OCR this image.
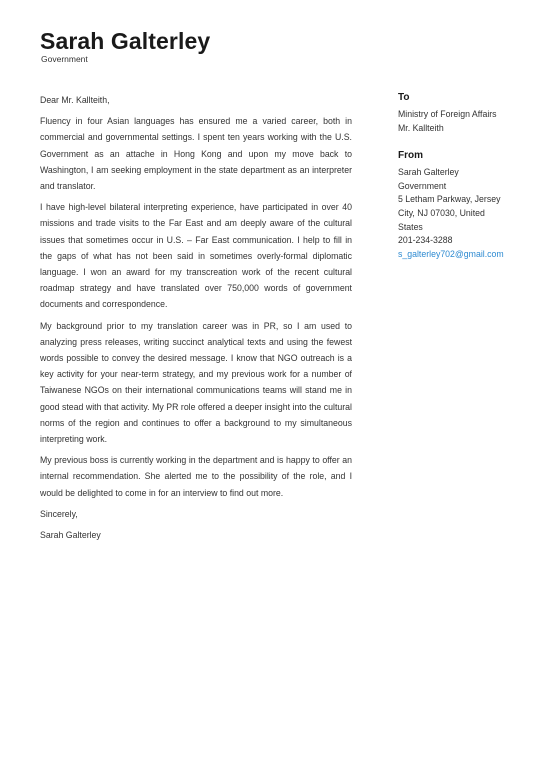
Sarah Galterley
Government

Dear Mr. Kallteith,

Fluency in four Asian languages has ensured me a varied career, both in commercial and governmental settings. I spent ten years working with the U.S. Government as an attache in Hong Kong and upon my move back to Washington, I am seeking employment in the state department as an interpreter and translator.

I have high-level bilateral interpreting experience, have participated in over 40 missions and trade visits to the Far East and am deeply aware of the cultural issues that sometimes occur in U.S. – Far East communication. I help to fill in the gaps of what has not been said in sometimes overly-formal diplomatic language. I won an award for my transcreation work of the recent cultural roadmap strategy and have translated over 750,000 words of government documents and correspondence.

My background prior to my translation career was in PR, so I am used to analyzing press releases, writing succinct analytical texts and using the fewest words possible to convey the desired message. I know that NGO outreach is a key activity for your near-term strategy, and my previous work for a number of Taiwanese NGOs on their international communications teams will stand me in good stead with that activity. My PR role offered a deeper insight into the cultural norms of the region and continues to offer a background to my simultaneous interpreting work.

My previous boss is currently working in the department and is happy to offer an internal recommendation. She alerted me to the possibility of the role, and I would be delighted to come in for an interview to find out more.

Sincerely,

Sarah Galterley

To
Ministry of Foreign Affairs
Mr. Kallteith
From
Sarah Galterley
Government
5 Letham Parkway, Jersey
City, NJ 07030, United
States
201-234-3288
s_galterley702@gmail.com
